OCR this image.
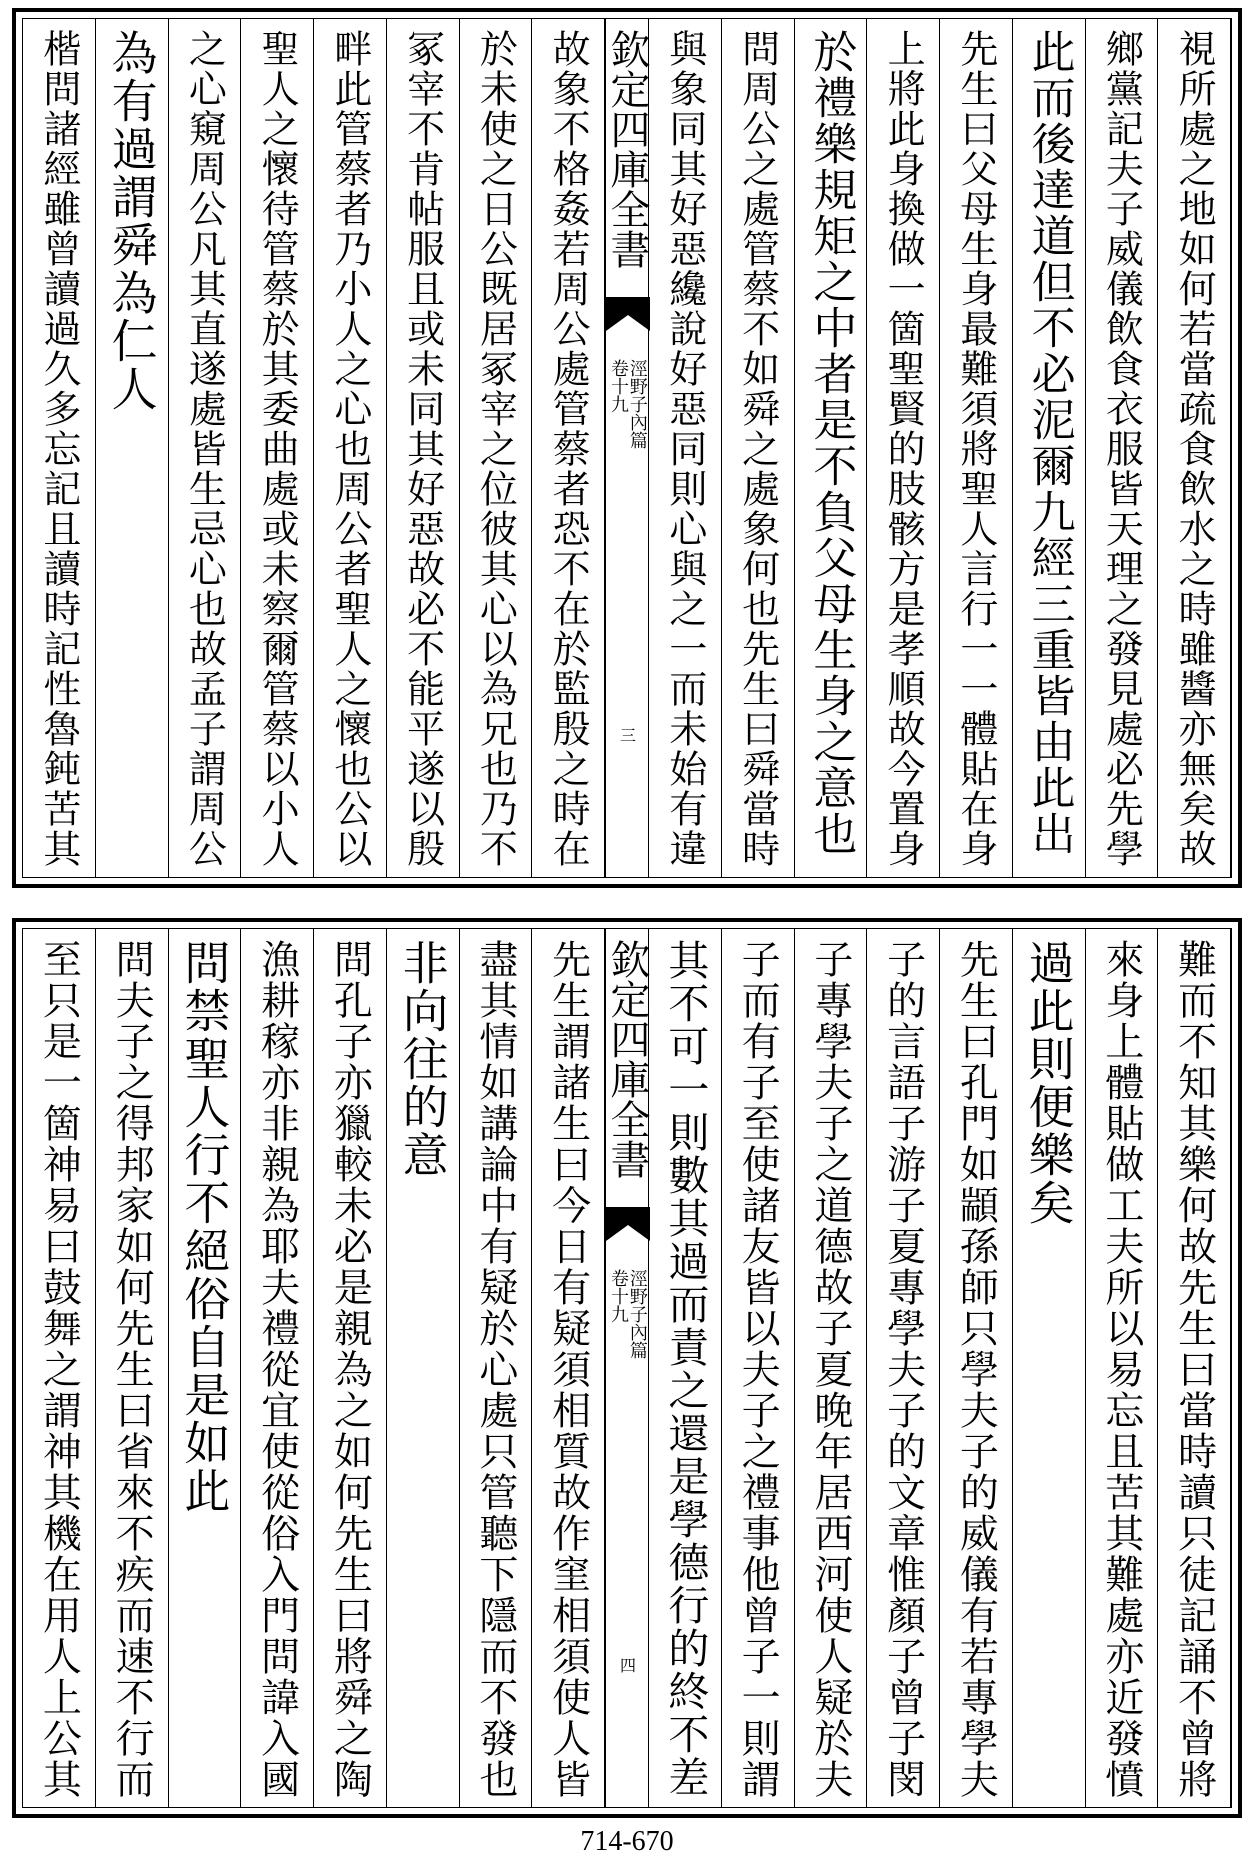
視所處之地如何若當疏食飲水之時雖醬亦無矣故
鄉黨記夫子威儀飲食衣服皆天理之發見處必先學
此而後達道但不必泥爾九經三重皆由此出
先生曰父母生身最難須將聖人言行一一體貼在身
上將此身換做一箇聖賢的肢骸方是孝順故今置身
於禮樂規矩之中者是不負父母生身之意也
問周公之處管蔡不如舜之處象何也先生曰舜當時
與象同其好惡纔說好惡同則心與之一而未始有違
欽定四庫全書
涇野子內篇
卷十九
三
故象不格姦若周公處管蔡者恐不在於監殷之時在
於未使之日公既居冢宰之位彼其心以為兄也乃不
冢宰不肯帖服且或未同其好惡故必不能平遂以殷
畔此管蔡者乃小人之心也周公者聖人之懷也公以
聖人之懷待管蔡於其委曲處或未察爾管蔡以小人
之心窺周公凡其直遂處皆生忌心也故孟子謂周公
為有過謂舜為仁人
楷問諸經雖曾讀過久多忘記且讀時記性魯鈍苦其
難而不知其樂何故先生曰當時讀只徒記誦不曾將
來身上體貼做工夫所以易忘且苦其難處亦近發憤
過此則便樂矣
先生曰孔門如顓孫師只學夫子的威儀有若專學夫
子的言語子游子夏專學夫子的文章惟顏子曾子閔
子專學夫子之道德故子夏晚年居西河使人疑於夫
子而有子至使諸友皆以夫子之禮事他曾子一則謂
其不可一則數其過而責之還是學德行的終不差
欽定四庫全書
涇野子內篇
卷十九
四
先生謂諸生曰今日有疑須相質故作窐相須使人皆
盡其情如講論中有疑於心處只管聽下隱而不發也
非向往的意
問孔子亦獵較未必是親為之如何先生曰將舜之陶
漁耕稼亦非親為耶夫禮從宜使從俗入門問諱入國
問禁聖人行不絕俗自是如此
問夫子之得邦家如何先生曰省來不疾而速不行而
至只是一箇神易曰鼓舞之謂神其機在用人上公其
714-670
